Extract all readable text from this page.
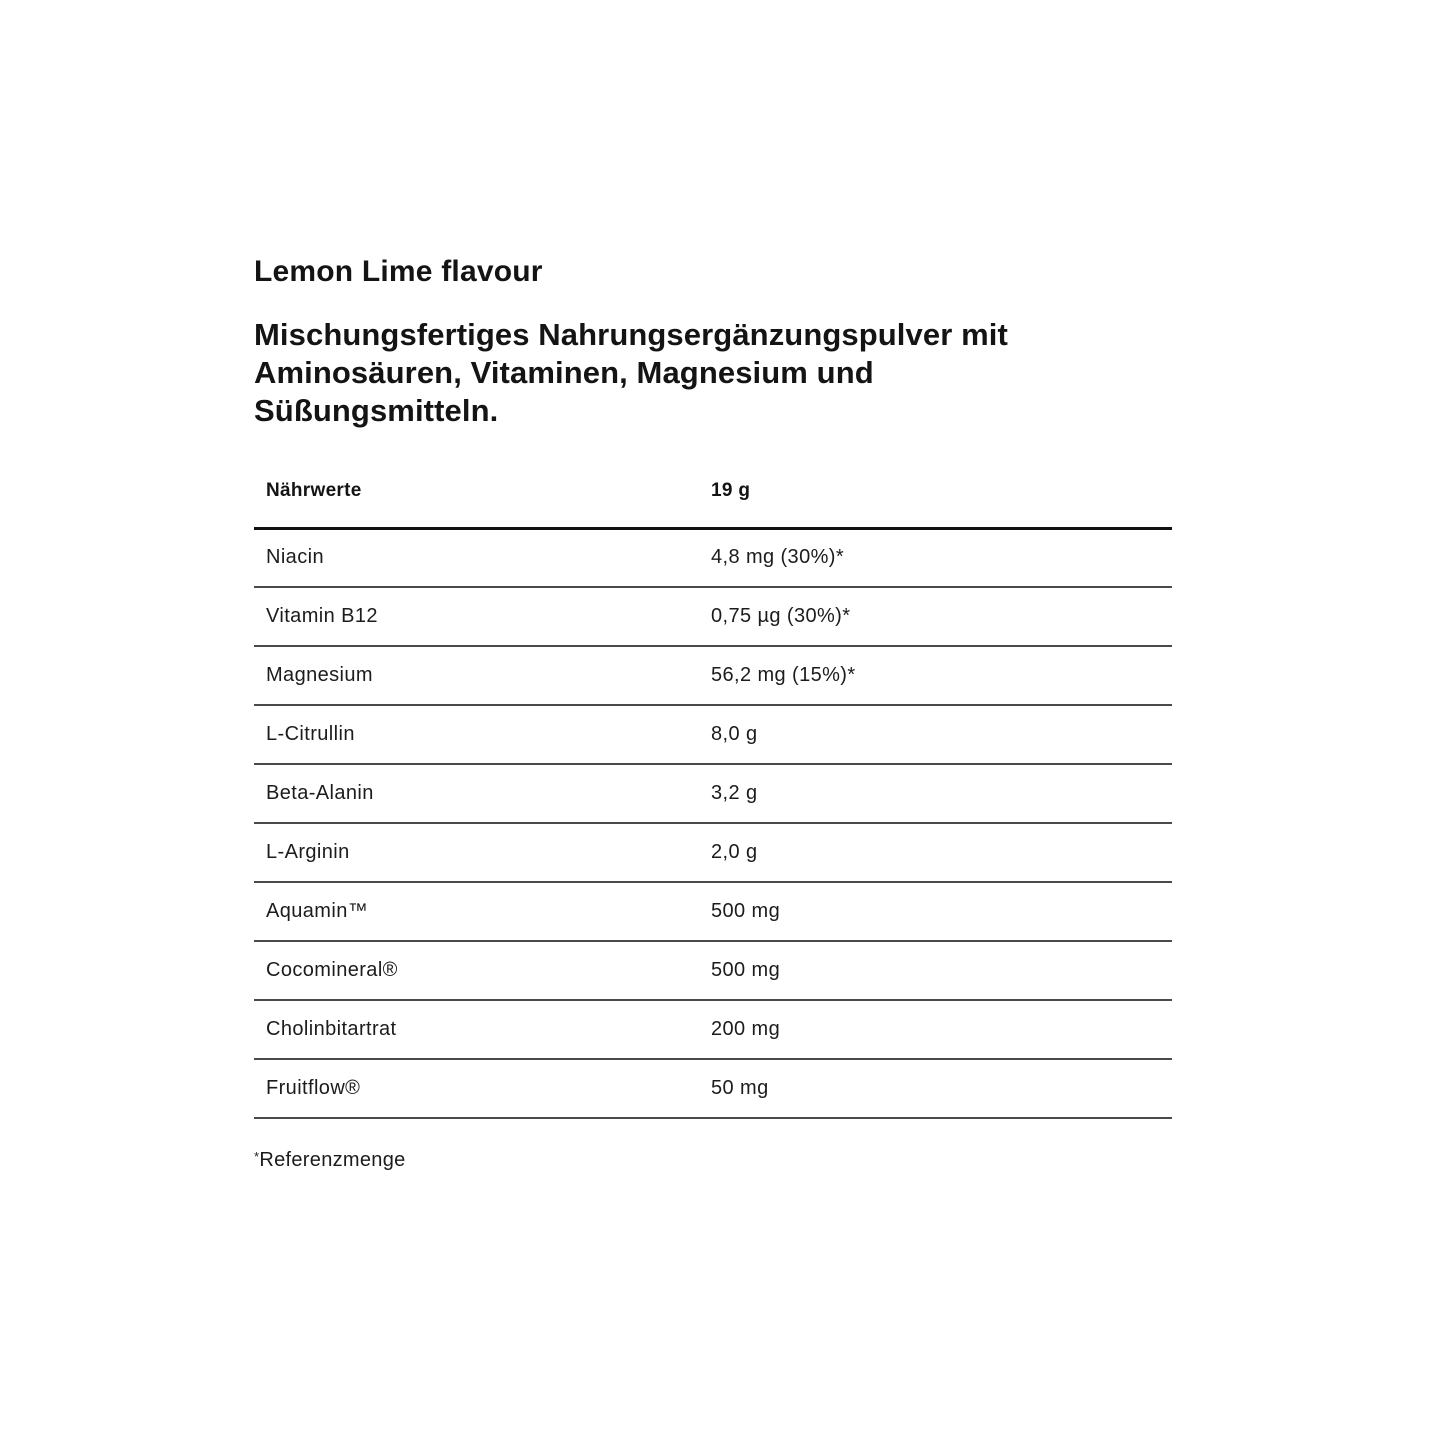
Lemon Lime flavour

Mischungsfertiges Nahrungsergänzungspulver mit Aminosäuren, Vitaminen, Magnesium und Süßungsmitteln.

Nährwerte	19 g
Niacin	4,8 mg (30%)*
Vitamin B12	0,75 µg (30%)*
Magnesium	56,2 mg (15%)*
L-Citrullin	8,0 g
Beta-Alanin	3,2 g
L-Arginin	2,0 g
Aquamin™	500 mg
Cocomineral®	500 mg
Cholinbitartrat	200 mg
Fruitflow®	50 mg
*Referenzmenge
